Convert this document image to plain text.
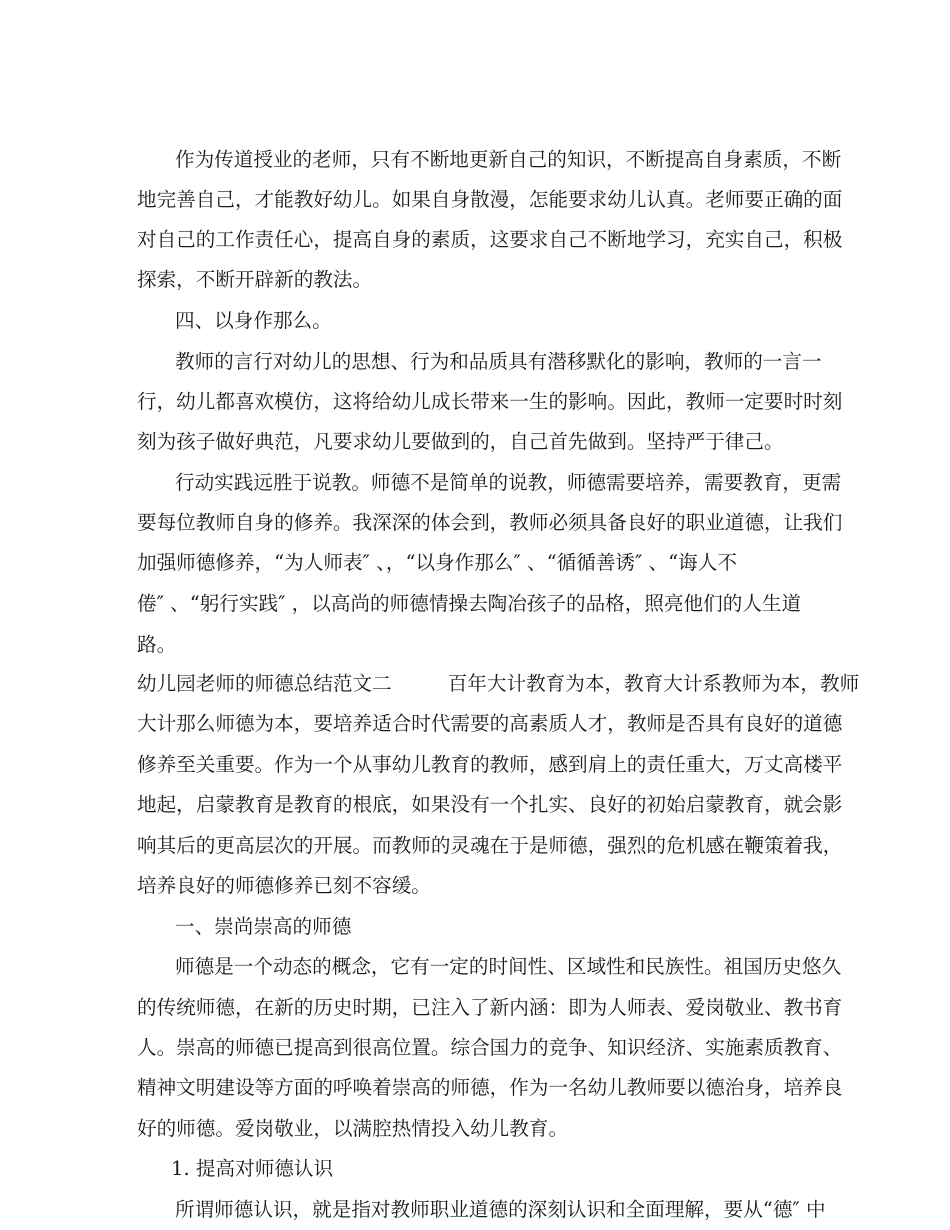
作为传道授业的老师，只有不断地更新自己的知识，不断提高自身素质，不断
地完善自己，才能教好幼儿。如果自身散漫，怎能要求幼儿认真。老师要正确的面
对自己的工作责任心，提高自身的素质，这要求自己不断地学习，充实自己，积极
探索，不断开辟新的教法。
四、以身作那么。
教师的言行对幼儿的思想、行为和品质具有潜移默化的影响，教师的一言一
行，幼儿都喜欢模仿，这将给幼儿成长带来一生的影响。因此，教师一定要时时刻
刻为孩子做好典范，凡要求幼儿要做到的，自己首先做到。坚持严于律己。
行动实践远胜于说教。师德不是简单的说教，师德需要培养，需要教育，更需
要每位教师自身的修养。我深深的体会到，教师必须具备良好的职业道德，让我们
加强师德修养，“为人师表″ 、，“以身作那么″ 、“循循善诱″ 、“诲人不
倦″ 、“躬行实践″ ，以高尚的师德情操去陶冶孩子的品格，照亮他们的人生道
路。
幼儿园老师的师德总结范文二	百年大计教育为本，教育大计系教师为本，教师
大计那么师德为本，要培养适合时代需要的高素质人才，教师是否具有良好的道德
修养至关重要。作为一个从事幼儿教育的教师，感到肩上的责任重大，万丈高楼平
地起，启蒙教育是教育的根底，如果没有一个扎实、良好的初始启蒙教育，就会影
响其后的更高层次的开展。而教师的灵魂在于是师德，强烈的危机感在鞭策着我，
培养良好的师德修养已刻不容缓。
一、崇尚崇高的师德
师德是一个动态的概念，它有一定的时间性、区域性和民族性。祖国历史悠久
的传统师德，在新的历史时期，已注入了新内涵：即为人师表、爱岗敬业、教书育
人。崇高的师德已提高到很高位置。综合国力的竞争、知识经济、实施素质教育、
精神文明建设等方面的呼唤着崇高的师德，作为一名幼儿教师要以德治身，培养良
好的师德。爱岗敬业，以满腔热情投入幼儿教育。
1. 提高对师德认识
所谓师德认识，就是指对教师职业道德的深刻认识和全面理解，要从“德″ 中
